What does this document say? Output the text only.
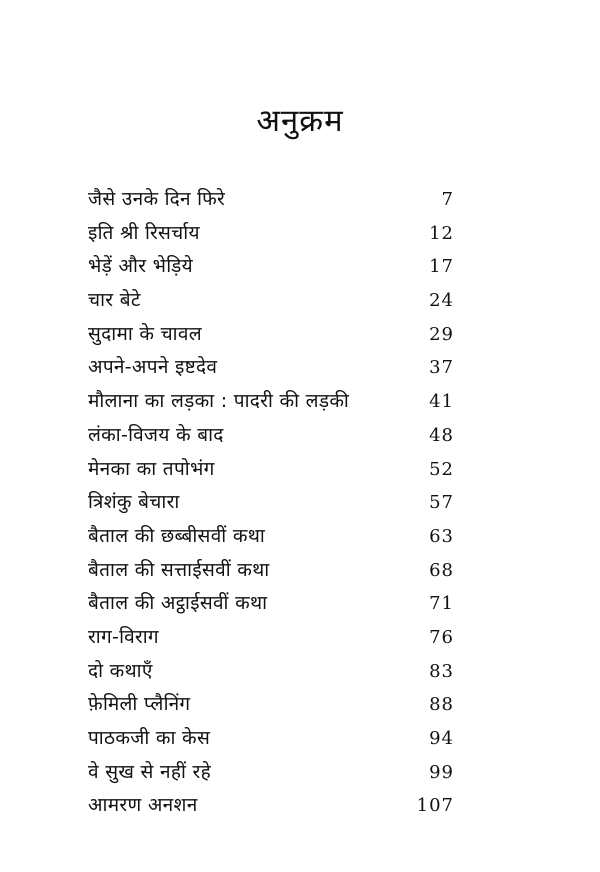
अनुक्रम
जैसे उनके दिन फिरे	7
इति श्री रिसर्चाय	12
भेड़ें और भेड़िये	17
चार बेटे	24
सुदामा के चावल	29
अपने-अपने इष्टदेव	37
मौलाना का लड़का : पादरी की लड़की	41
लंका-विजय के बाद	48
मेनका का तपोभंग	52
त्रिशंकु बेचारा	57
बैताल की छब्बीसवीं कथा	63
बैताल की सत्ताईसवीं कथा	68
बैताल की अट्ठाईसवीं कथा	71
राग-विराग	76
दो कथाएँ	83
फ़ेमिली प्लैनिंग	88
पाठकजी का केस	94
वे सुख से नहीं रहे	99
आमरण अनशन	107
